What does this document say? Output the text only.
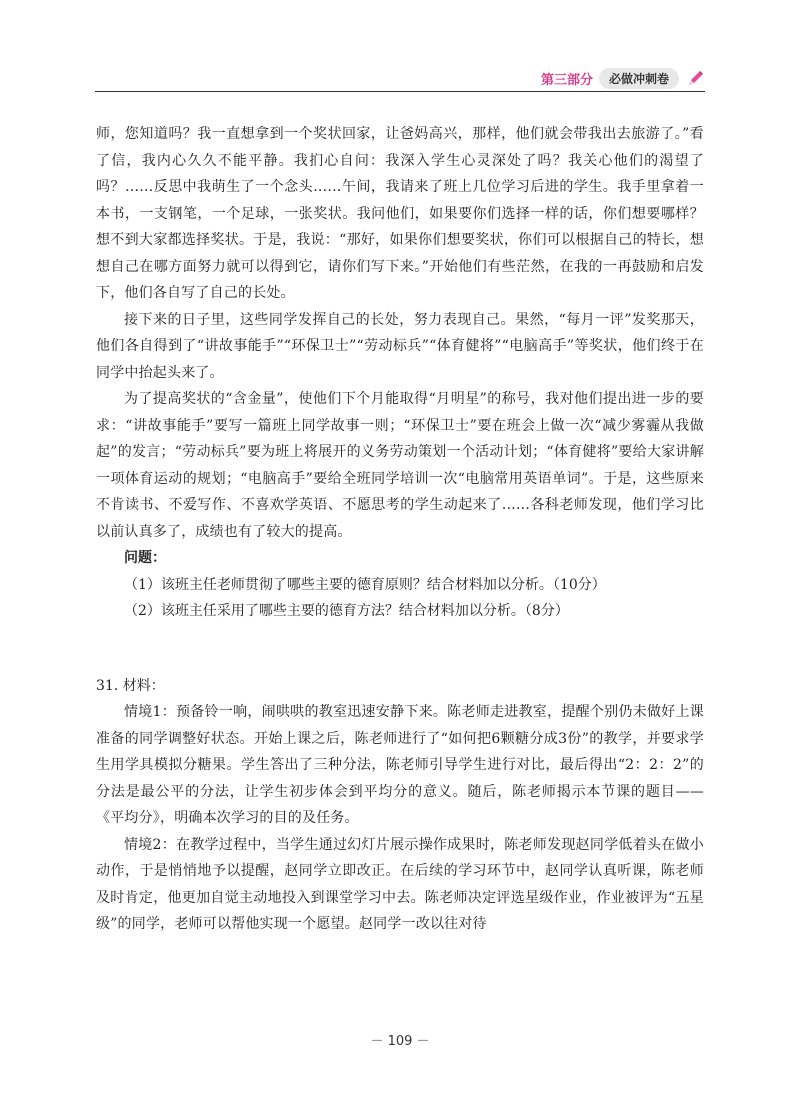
第三部分	必做冲刺卷

师，您知道吗？我一直想拿到一个奖状回家，让爸妈高兴，那样，他们就会带我出去旅游了。”看了信，我内心久久不能平静。我扪心自问：我深入学生心灵深处了吗？我关心他们的渴望了吗？……反思中我萌生了一个念头……午间，我请来了班上几位学习后进的学生。我手里拿着一本书，一支钢笔，一个足球，一张奖状。我问他们，如果要你们选择一样的话，你们想要哪样？想不到大家都选择奖状。于是，我说：“那好，如果你们想要奖状，你们可以根据自己的特长，想想自己在哪方面努力就可以得到它，请你们写下来。”开始他们有些茫然，在我的一再鼓励和启发下，他们各自写了自己的长处。

接下来的日子里，这些同学发挥自己的长处，努力表现自己。果然，“每月一评”发奖那天，他们各自得到了“讲故事能手”“环保卫士”“劳动标兵”“体育健将”“电脑高手”等奖状，他们终于在同学中抬起头来了。

为了提高奖状的“含金量”，使他们下个月能取得“月明星”的称号，我对他们提出进一步的要求：“讲故事能手”要写一篇班上同学故事一则；“环保卫士”要在班会上做一次“减少雾霾从我做起”的发言；“劳动标兵”要为班上将展开的义务劳动策划一个活动计划；“体育健将”要给大家讲解一项体育运动的规划；“电脑高手”要给全班同学培训一次“电脑常用英语单词”。于是，这些原来不肯读书、不爱写作、不喜欢学英语、不愿思考的学生动起来了……各科老师发现，他们学习比以前认真多了，成绩也有了较大的提高。

问题：

（1）该班主任老师贯彻了哪些主要的德育原则？结合材料加以分析。（10分）

（2）该班主任采用了哪些主要的德育方法？结合材料加以分析。（8分）

31. 材料：

情境1：预备铃一响，闹哄哄的教室迅速安静下来。陈老师走进教室，提醒个别仍未做好上课准备的同学调整好状态。开始上课之后，陈老师进行了“如何把6颗糖分成3份”的教学，并要求学生用学具模拟分糖果。学生答出了三种分法，陈老师引导学生进行对比，最后得出“2：2：2”的分法是最公平的分法，让学生初步体会到平均分的意义。随后，陈老师揭示本节课的题目——《平均分》，明确本次学习的目的及任务。

情境2：在教学过程中，当学生通过幻灯片展示操作成果时，陈老师发现赵同学低着头在做小动作，于是悄悄地予以提醒，赵同学立即改正。在后续的学习环节中，赵同学认真听课，陈老师及时肯定，他更加自觉主动地投入到课堂学习中去。陈老师决定评选星级作业，作业被评为“五星级”的同学，老师可以帮他实现一个愿望。赵同学一改以往对待

－ 109 －
